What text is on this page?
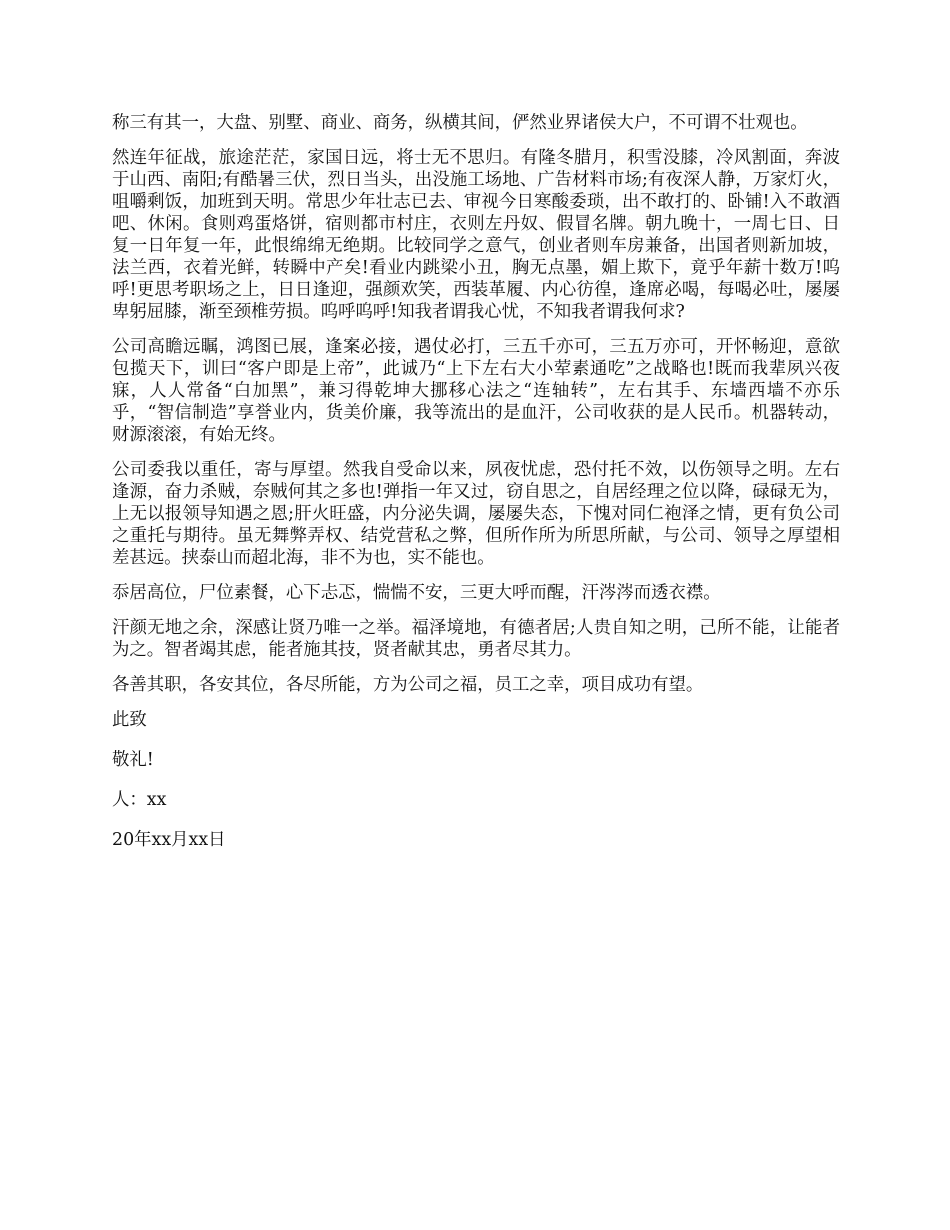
称三有其一，大盘、别墅、商业、商务，纵横其间，俨然业界诸侯大户，不可谓不壮观也。

然连年征战，旅途茫茫，家国日远，将士无不思归。有隆冬腊月，积雪没膝，冷风割面，奔波于山西、南阳;有酷暑三伏，烈日当头，出没施工场地、广告材料市场;有夜深人静，万家灯火，咀嚼剩饭，加班到天明。常思少年壮志已去、审视今日寒酸委琐，出不敢打的、卧铺!入不敢酒吧、休闲。食则鸡蛋烙饼，宿则都市村庄，衣则左丹奴、假冒名牌。朝九晚十，一周七日、日复一日年复一年，此恨绵绵无绝期。比较同学之意气，创业者则车房兼备，出国者则新加坡，法兰西，衣着光鲜，转瞬中产矣!看业内跳梁小丑，胸无点墨，媚上欺下，竟乎年薪十数万!呜呼!更思考职场之上，日日逢迎，强颜欢笑，西装革履、内心彷徨，逢席必喝，每喝必吐，屡屡卑躬屈膝，渐至颈椎劳损。呜呼呜呼!知我者谓我心忧，不知我者谓我何求?

公司高瞻远瞩，鸿图已展，逢案必接，遇仗必打，三五千亦可，三五万亦可，开怀畅迎，意欲包揽天下，训曰“客户即是上帝”，此诚乃“上下左右大小荤素通吃”之战略也!既而我辈夙兴夜寐，人人常备“白加黑”，兼习得乾坤大挪移心法之“连轴转”，左右其手、东墙西墙不亦乐乎，“智信制造”享誉业内，货美价廉，我等流出的是血汗，公司收获的是人民币。机器转动，财源滚滚，有始无终。

公司委我以重任，寄与厚望。然我自受命以来，夙夜忧虑，恐付托不效，以伤领导之明。左右逢源，奋力杀贼，奈贼何其之多也!弹指一年又过，窃自思之，自居经理之位以降，碌碌无为，上无以报领导知遇之恩;肝火旺盛，内分泌失调，屡屡失态，下愧对同仁袍泽之情，更有负公司之重托与期待。虽无舞弊弄权、结党营私之弊，但所作所为所思所献，与公司、领导之厚望相差甚远。挟泰山而超北海，非不为也，实不能也。

忝居高位，尸位素餐，心下忐忑，惴惴不安，三更大呼而醒，汗涔涔而透衣襟。

汗颜无地之余，深感让贤乃唯一之举。福泽境地，有德者居;人贵自知之明，己所不能，让能者为之。智者竭其虑，能者施其技，贤者献其忠，勇者尽其力。

各善其职，各安其位，各尽所能，方为公司之福，员工之幸，项目成功有望。

此致

敬礼!

人：xx

20年xx月xx日
